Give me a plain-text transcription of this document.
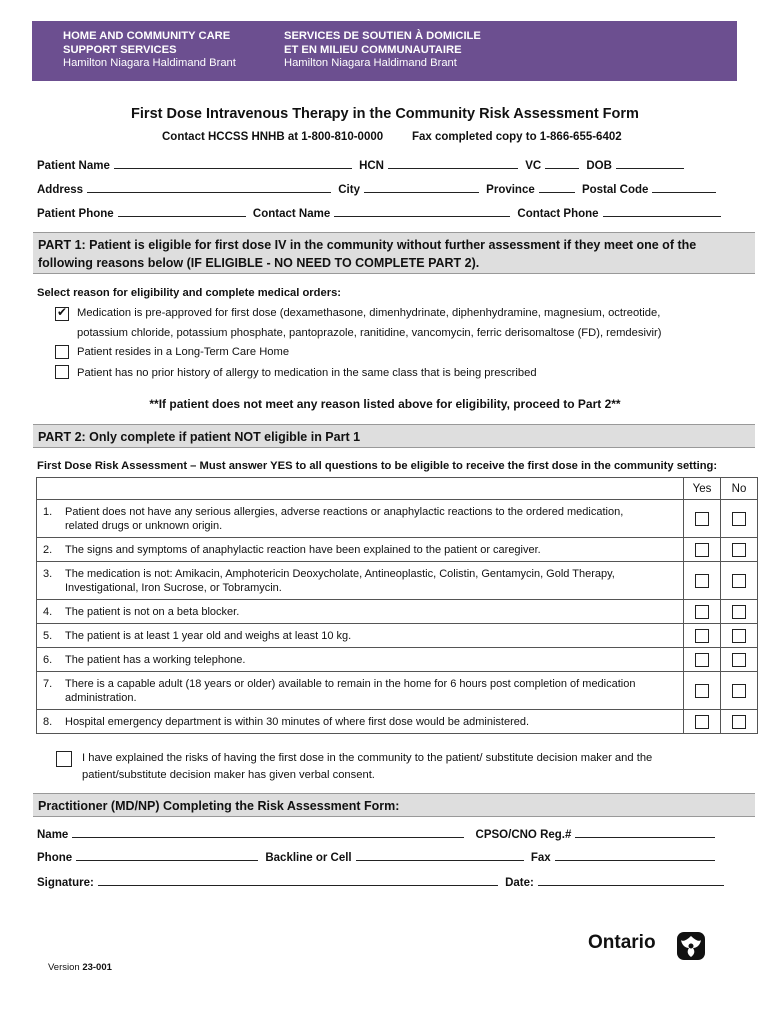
HOME AND COMMUNITY CARE
SUPPORT SERVICES
Hamilton Niagara Haldimand Brant
SERVICES DE SOUTIEN À DOMICILE
ET EN MILIEU COMMUNAUTAIRE
Hamilton Niagara Haldimand Brant
First Dose Intravenous Therapy in the Community Risk Assessment Form
Contact HCCSS HNHB at 1-800-810-0000	Fax completed copy to 1-866-655-6402
Patient Name	HCN	VC	DOB
Address	City	Province	Postal Code
Patient Phone	Contact Name	Contact Phone
PART 1: Patient is eligible for first dose IV in the community without further assessment if they meet one of the
following reasons below (IF ELIGIBLE - NO NEED TO COMPLETE PART 2).
Select reason for eligibility and complete medical orders:
✔ Medication is pre-approved for first dose (dexamethasone, dimenhydrinate, diphenhydramine, magnesium, octreotide,
potassium chloride, potassium phosphate, pantoprazole, ranitidine, vancomycin, ferric derisomaltose (FD), remdesivir)
Patient resides in a Long-Term Care Home
Patient has no prior history of allergy to medication in the same class that is being prescribed
**If patient does not meet any reason listed above for eligibility, proceed to Part 2**
PART 2: Only complete if patient NOT eligible in Part 1
First Dose Risk Assessment – Must answer YES to all questions to be eligible to receive the first dose in the community setting:
	Yes	No
1. Patient does not have any serious allergies, adverse reactions or anaphylactic reactions to the ordered medication, related drugs or unknown origin.		
2. The signs and symptoms of anaphylactic reaction have been explained to the patient or caregiver.		
3. The medication is not: Amikacin, Amphotericin Deoxycholate, Antineoplastic, Colistin, Gentamycin, Gold Therapy, Investigational, Iron Sucrose, or Tobramycin.		
4. The patient is not on a beta blocker.		
5. The patient is at least 1 year old and weighs at least 10 kg.		
6. The patient has a working telephone.		
7. There is a capable adult (18 years or older) available to remain in the home for 6 hours post completion of medication administration.		
8. Hospital emergency department is within 30 minutes of where first dose would be administered.		
I have explained the risks of having the first dose in the community to the patient/ substitute decision maker and the
patient/substitute decision maker has given verbal consent.
Practitioner (MD/NP) Completing the Risk Assessment Form:
Name	CPSO/CNO Reg.#
Phone	Backline or Cell	Fax
Signature:	Date:
Ontario
Version 23-001
